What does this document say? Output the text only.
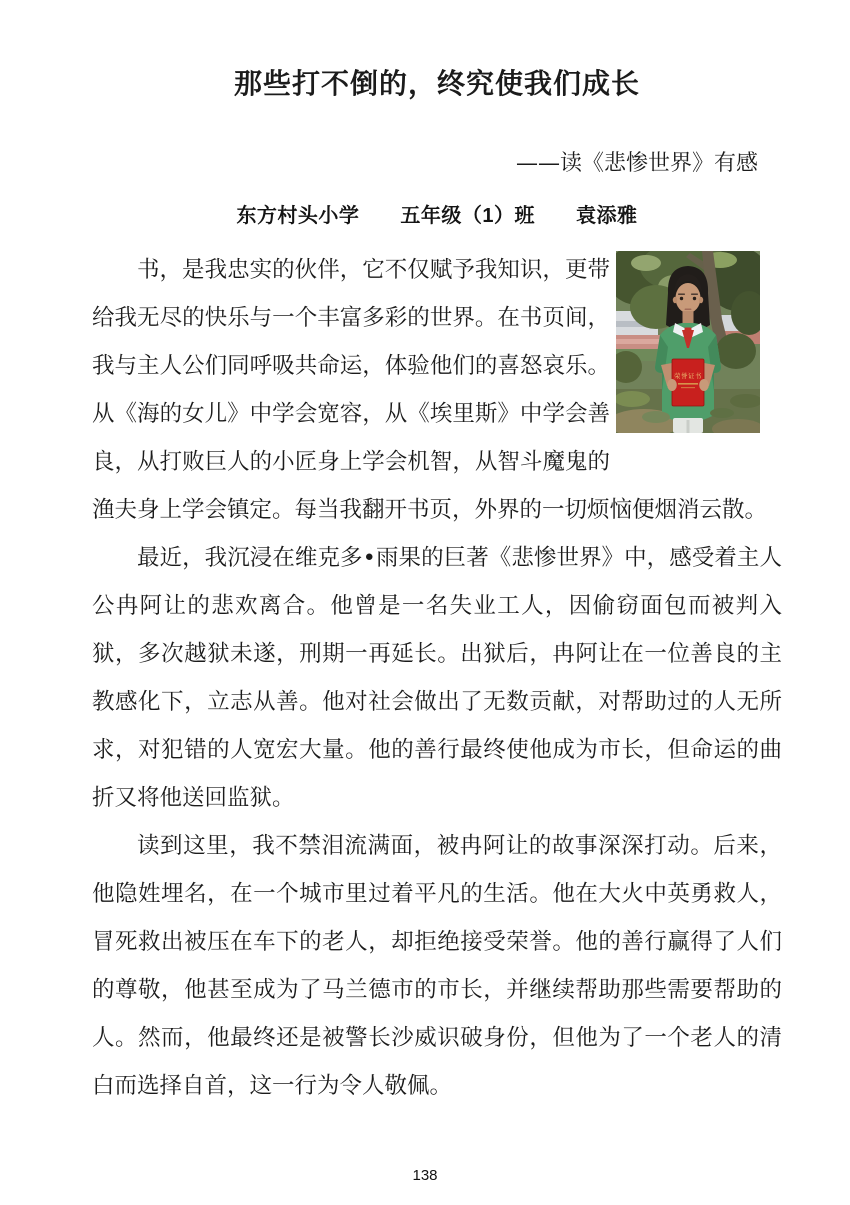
那些打不倒的，终究使我们成长
——读《悲惨世界》有感
东方村头小学　　五年级（1）班　　袁添雅
荣誉证书

书，是我忠实的伙伴，它不仅赋予我知识，更带给我无尽的快乐与一个丰富多彩的世界。在书页间，我与主人公们同呼吸共命运，体验他们的喜怒哀乐。从《海的女儿》中学会宽容，从《埃里斯》中学会善良，从打败巨人的小匠身上学会机智，从智斗魔鬼的渔夫身上学会镇定。每当我翻开书页，外界的一切烦恼便烟消云散。

最近，我沉浸在维克多•雨果的巨著《悲惨世界》中，感受着主人公冉阿让的悲欢离合。他曾是一名失业工人，因偷窃面包而被判入狱，多次越狱未遂，刑期一再延长。出狱后，冉阿让在一位善良的主教感化下，立志从善。他对社会做出了无数贡献，对帮助过的人无所求，对犯错的人宽宏大量。他的善行最终使他成为市长，但命运的曲折又将他送回监狱。

读到这里，我不禁泪流满面，被冉阿让的故事深深打动。后来，他隐姓埋名，在一个城市里过着平凡的生活。他在大火中英勇救人，冒死救出被压在车下的老人，却拒绝接受荣誉。他的善行赢得了人们的尊敬，他甚至成为了马兰德市的市长，并继续帮助那些需要帮助的人。然而，他最终还是被警长沙威识破身份，但他为了一个老人的清白而选择自首，这一行为令人敬佩。

138
